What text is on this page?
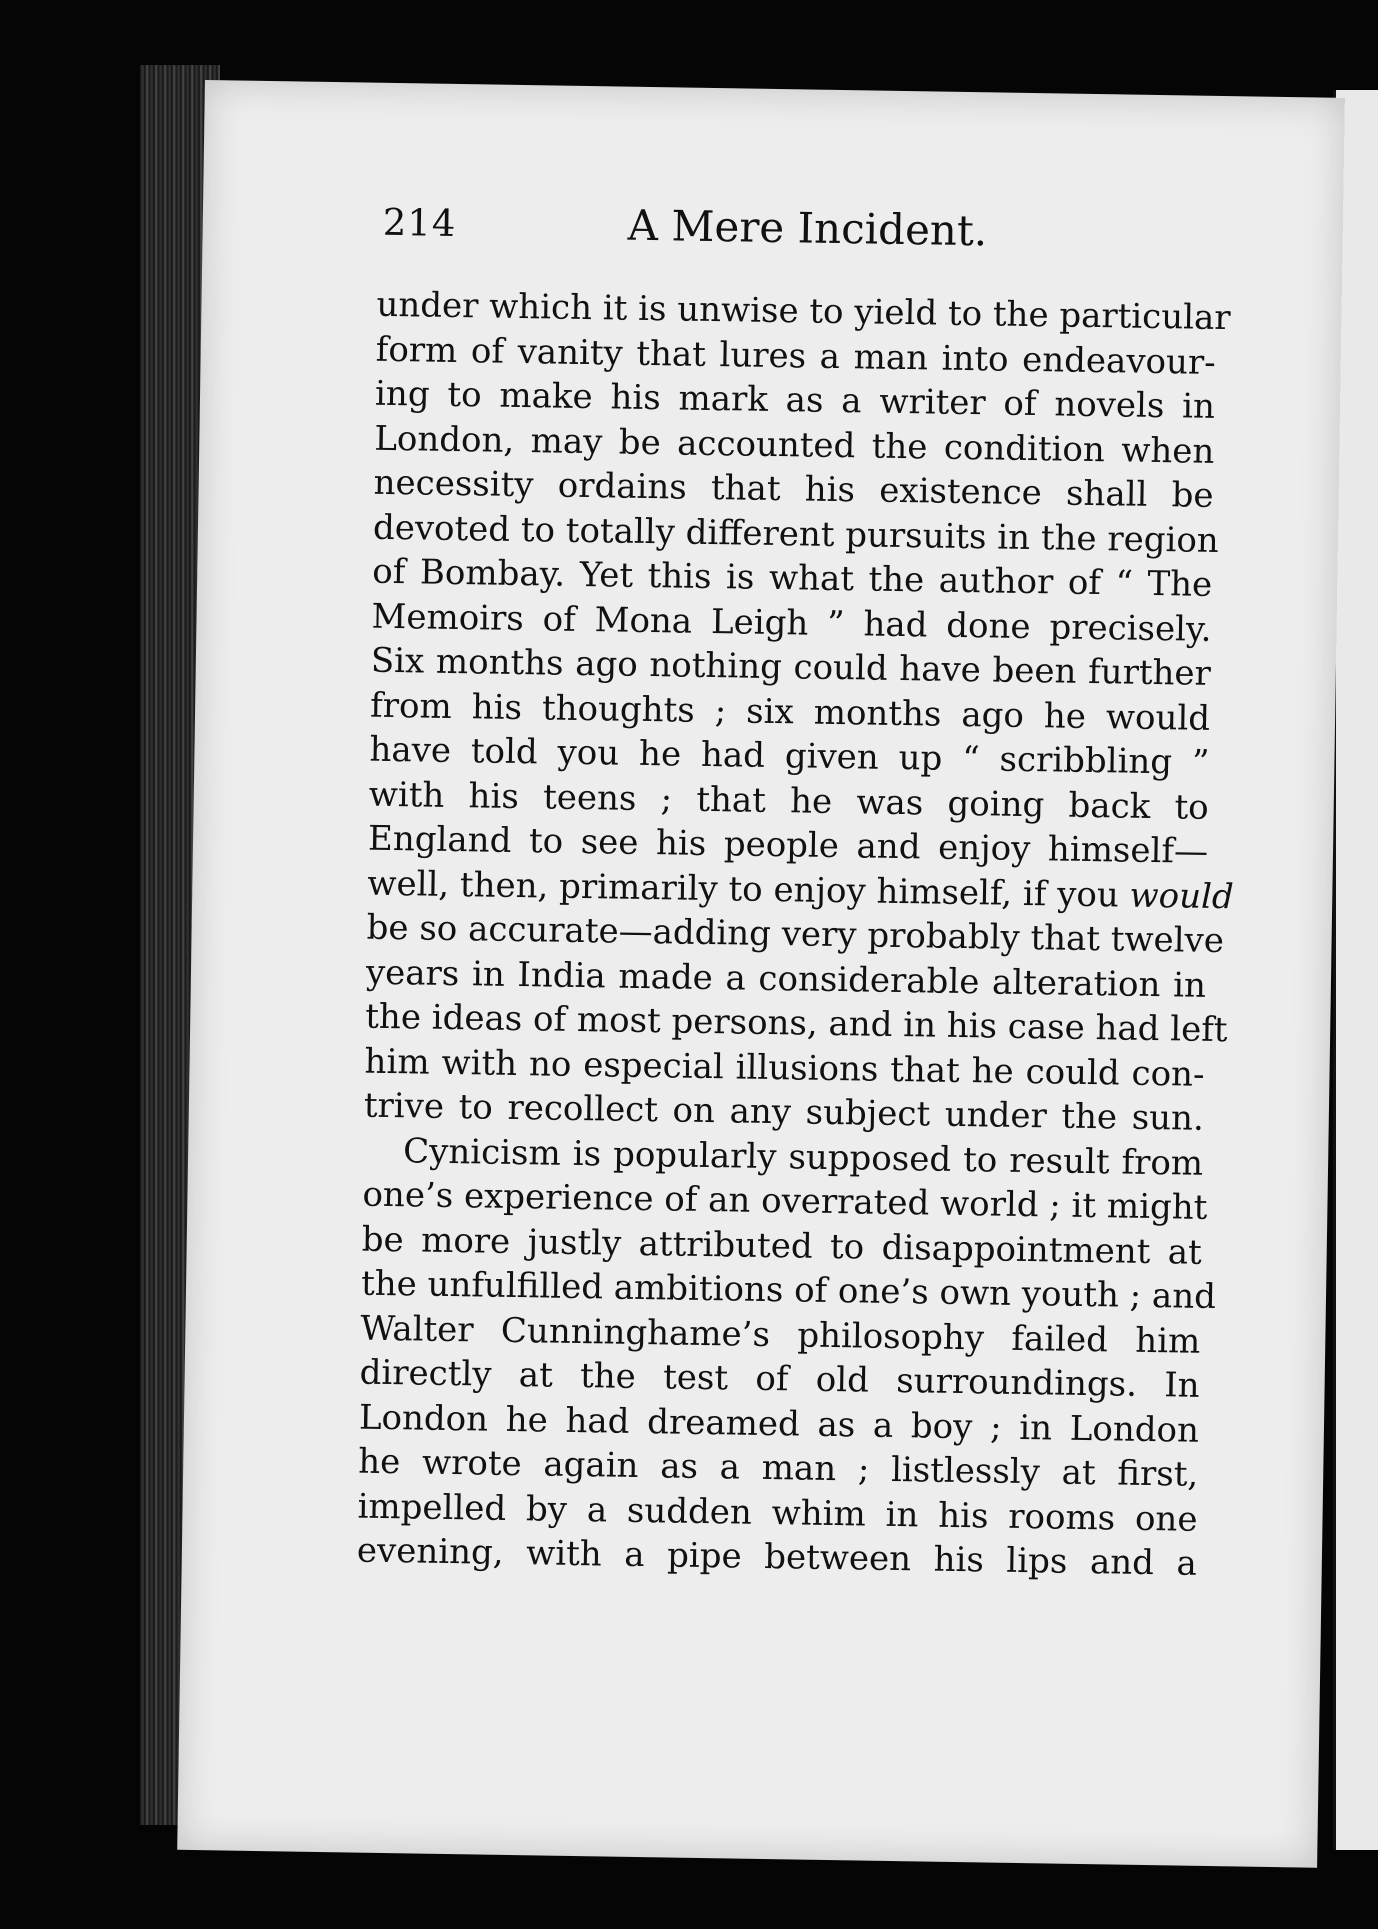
214	A Mere Incident.
under which it is unwise to yield to the particular
form of vanity that lures a man into endeavour-
ing to make his mark as a writer of novels in
London, may be accounted the condition when
necessity ordains that his existence shall be
devoted to totally different pursuits in the region
of Bombay. Yet this is what the author of “ The
Memoirs of Mona Leigh ” had done precisely.
Six months ago nothing could have been further
from his thoughts ; six months ago he would
have told you he had given up “ scribbling ”
with his teens ; that he was going back to
England to see his people and enjoy himself—
well, then, primarily to enjoy himself, if you would
be so accurate—adding very probably that twelve
years in India made a considerable alteration in
the ideas of most persons, and in his case had left
him with no especial illusions that he could con-
trive to recollect on any subject under the sun.
Cynicism is popularly supposed to result from
one’s experience of an overrated world ; it might
be more justly attributed to disappointment at
the unfulfilled ambitions of one’s own youth ; and
Walter Cunninghame’s philosophy failed him
directly at the test of old surroundings. In
London he had dreamed as a boy ; in London
he wrote again as a man ; listlessly at first,
impelled by a sudden whim in his rooms one
evening, with a pipe between his lips and a
